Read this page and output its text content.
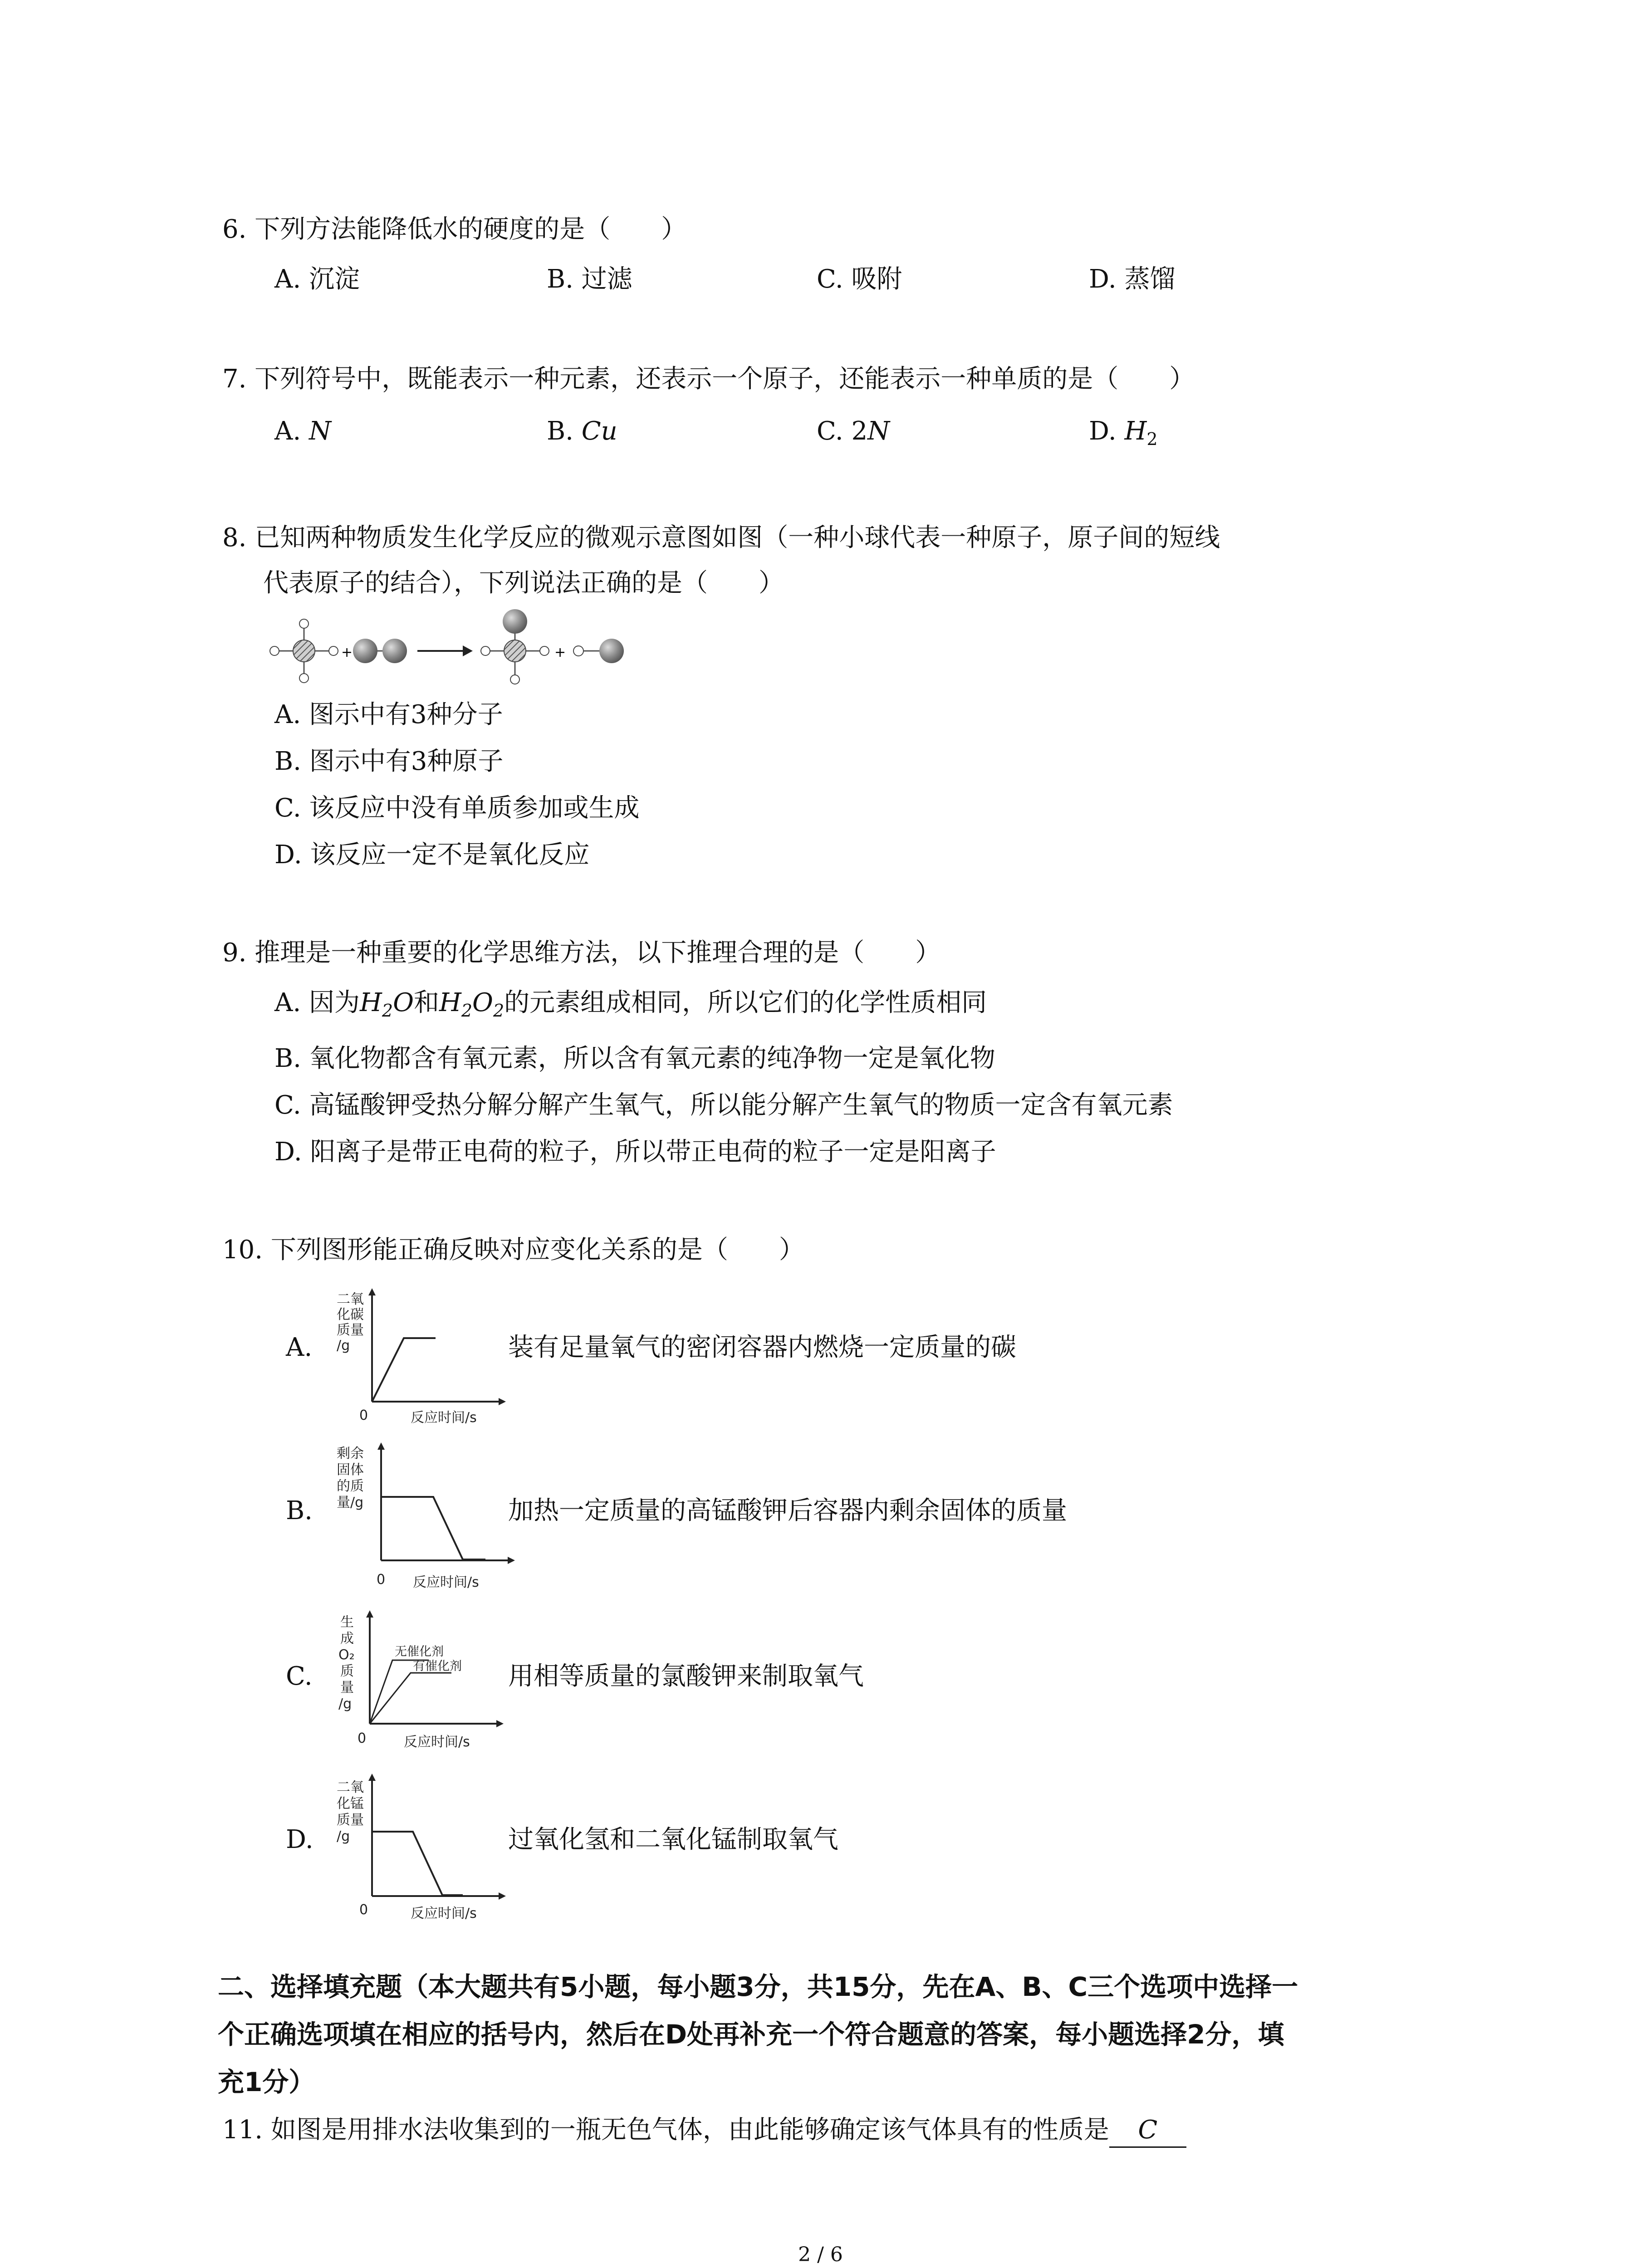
6. 下列方法能降低水的硬度的是（　　）
A. 沉淀	B. 过滤	C. 吸附	D. 蒸馏
7. 下列符号中，既能表示一种元素，还表示一个原子，还能表示一种单质的是（　　）
A. N	B. Cu	C. 2N	D. $H_2$
8. 已知两种物质发生化学反应的微观示意图如图（一种小球代表一种原子，原子间的短线
代表原子的结合），下列说法正确的是（　　）
+	+
A. 图示中有3种分子
B. 图示中有3种原子
C. 该反应中没有单质参加或生成
D. 该反应一定不是氧化反应
9. 推理是一种重要的化学思维方法，以下推理合理的是（　　）
A. 因为$H_2O$和$H_2O_2$的元素组成相同，所以它们的化学性质相同
B. 氧化物都含有氧元素，所以含有氧元素的纯净物一定是氧化物
C. 高锰酸钾受热分解分解产生氧气，所以能分解产生氧气的物质一定含有氧元素
D. 阳离子是带正电荷的粒子，所以带正电荷的粒子一定是阳离子
10. 下列图形能正确反映对应变化关系的是（　　）
A.
二氧
化碳
质量
/g
0	反应时间/s
装有足量氧气的密闭容器内燃烧一定质量的碳
B.
剩余
固体
的质
量/g
0 反应时间/s
加热一定质量的高锰酸钾后容器内剩余固体的质量
C.
生
成
O₂
质
量
/g
无催化剂
有催化剂
0	反应时间/s
用相等质量的氯酸钾来制取氧气
D.
二氧
化锰
质量
/g
0	反应时间/s
过氧化氢和二氧化锰制取氧气
二、选择填充题（本大题共有5小题，每小题3分，共15分，先在A、B、C三个选项中选择一
个正确选项填在相应的括号内，然后在D处再补充一个符合题意的答案，每小题选择2分，填
充1分）
11. 如图是用排水法收集到的一瓶无色气体，由此能够确定该气体具有的性质是 C
2 / 6
